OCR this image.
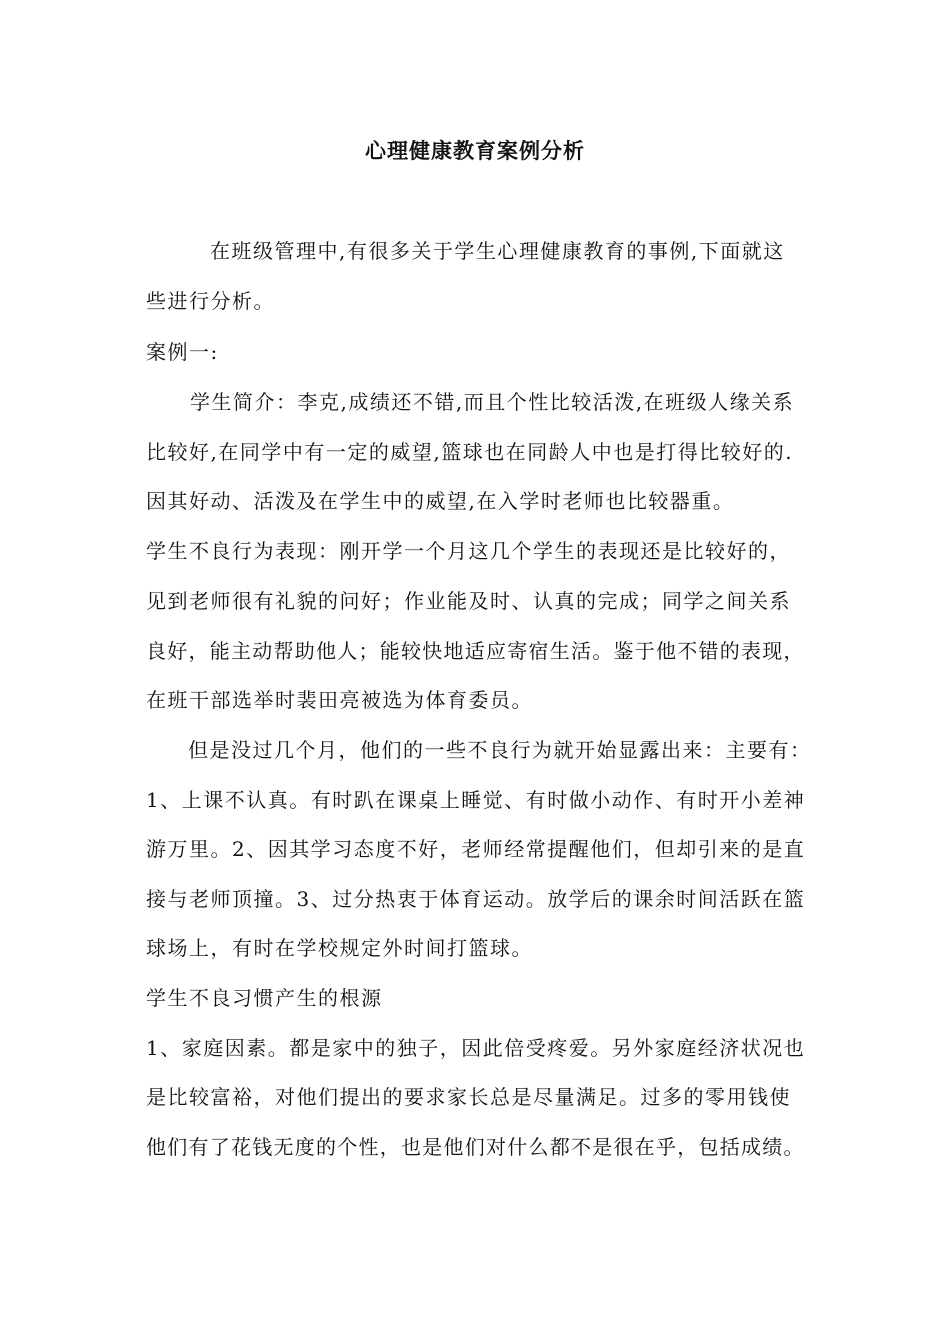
心理健康教育案例分析
在班级管理中,有很多关于学生心理健康教育的事例,下面就这
些进行分析。
案例一:
学生简介：李克,成绩还不错,而且个性比较活泼,在班级人缘关系
比较好,在同学中有一定的威望,篮球也在同龄人中也是打得比较好的.
因其好动、活泼及在学生中的威望,在入学时老师也比较器重。
学生不良行为表现：刚开学一个月这几个学生的表现还是比较好的，
见到老师很有礼貌的问好；作业能及时、认真的完成；同学之间关系
良好，能主动帮助他人；能较快地适应寄宿生活。鉴于他不错的表现，
在班干部选举时裴田亮被选为体育委员。
但是没过几个月，他们的一些不良行为就开始显露出来：主要有：
1、上课不认真。有时趴在课桌上睡觉、有时做小动作、有时开小差神
游万里。2、因其学习态度不好，老师经常提醒他们，但却引来的是直
接与老师顶撞。3、过分热衷于体育运动。放学后的课余时间活跃在篮
球场上，有时在学校规定外时间打篮球。
学生不良习惯产生的根源
1、家庭因素。都是家中的独子，因此倍受疼爱。另外家庭经济状况也
是比较富裕，对他们提出的要求家长总是尽量满足。过多的零用钱使
他们有了花钱无度的个性，也是他们对什么都不是很在乎，包括成绩。
